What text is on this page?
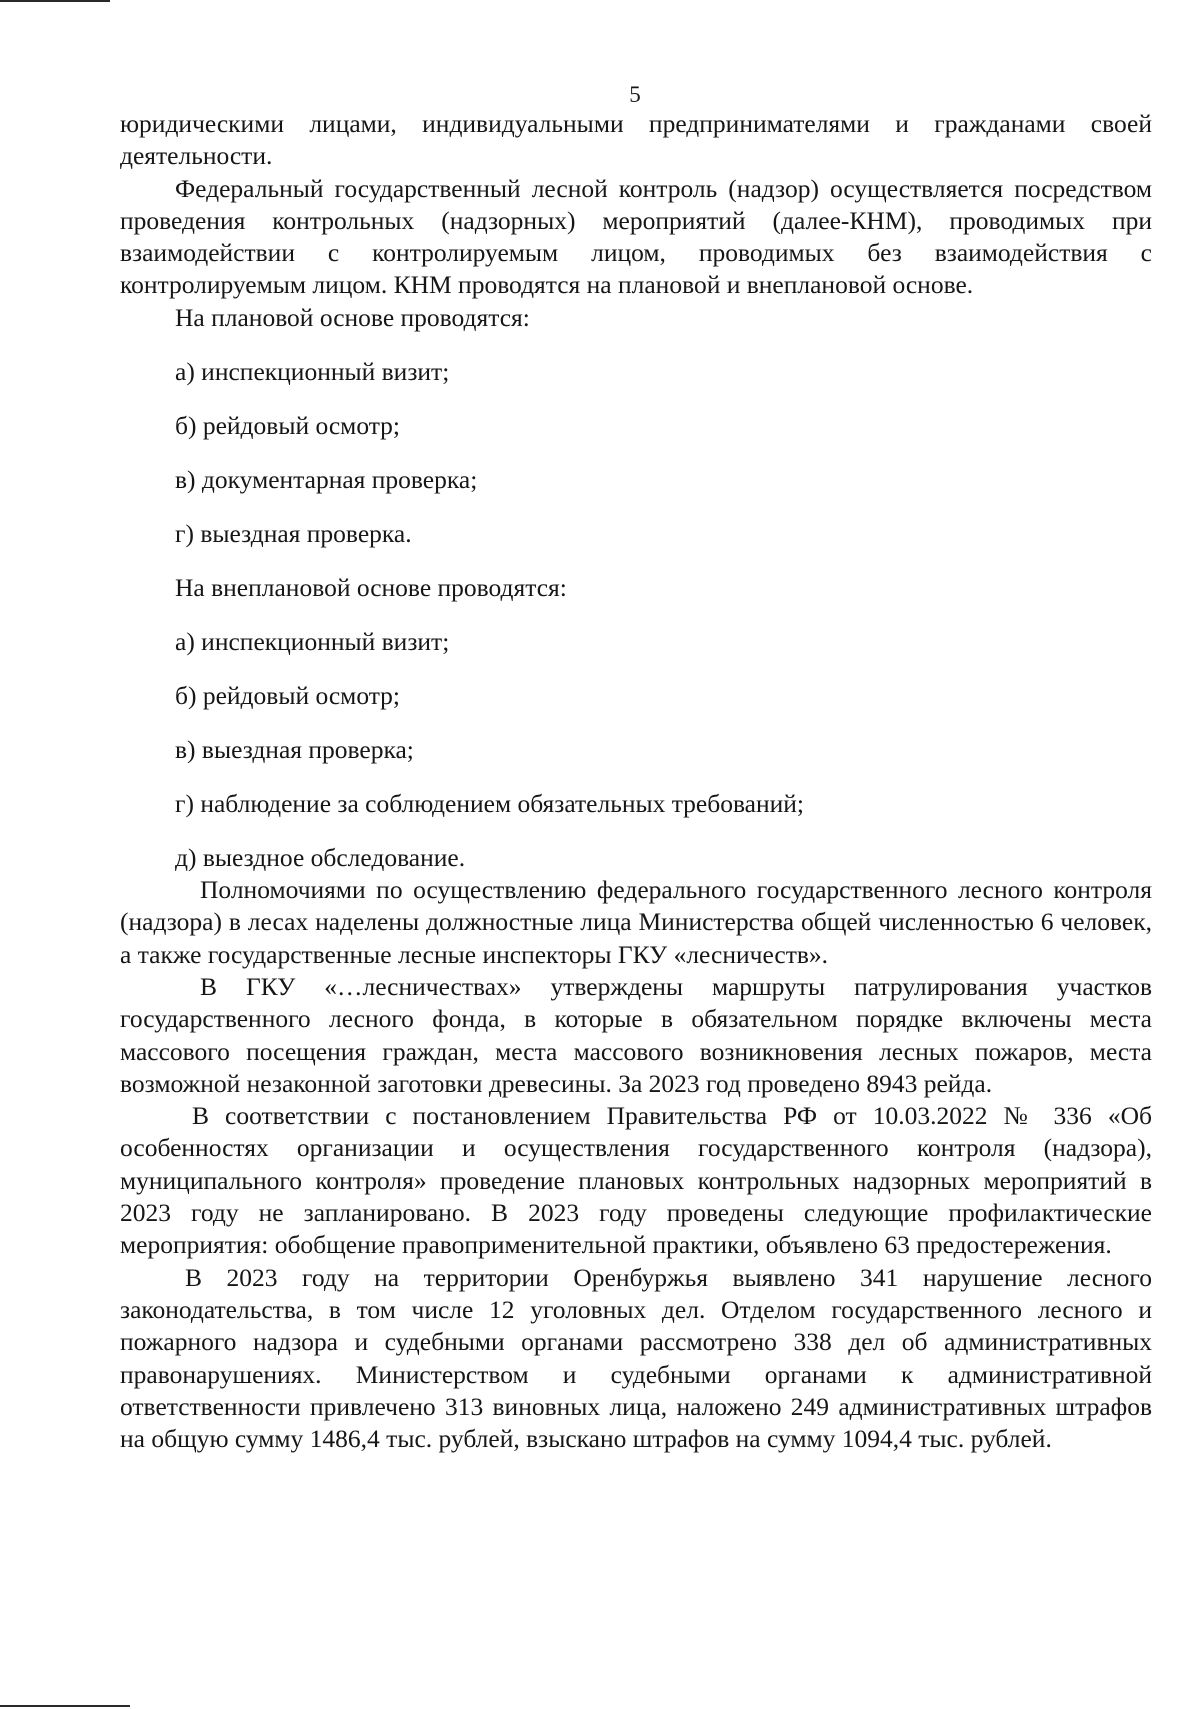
5

юридическими лицами, индивидуальными предпринимателями и гражданами своей деятельности.

Федеральный государственный лесной контроль (надзор) осуществляется посредством проведения контрольных (надзорных) мероприятий (далее-КНМ), проводимых при взаимодействии с контролируемым лицом, проводимых без взаимодействия с контролируемым лицом. КНМ проводятся на плановой и внеплановой основе.

На плановой основе проводятся:

а) инспекционный визит;

б) рейдовый осмотр;

в) документарная проверка;

г) выездная проверка.

На внеплановой основе проводятся:

а) инспекционный визит;

б) рейдовый осмотр;

в) выездная проверка;

г) наблюдение за соблюдением обязательных требований;

д) выездное обследование.

Полномочиями по осуществлению федерального государственного лесного контроля (надзора) в лесах наделены должностные лица Министерства общей численностью 6 человек, а также государственные лесные инспекторы ГКУ «лесничеств».

В ГКУ «…лесничествах» утверждены маршруты патрулирования участков государственного лесного фонда, в которые в обязательном порядке включены места массового посещения граждан, места массового возникновения лесных пожаров, места возможной незаконной заготовки древесины. За 2023 год проведено 8943 рейда.

В соответствии с постановлением Правительства РФ от 10.03.2022 № 336 «Об особенностях организации и осуществления государственного контроля (надзора), муниципального контроля» проведение плановых контрольных надзорных мероприятий в 2023 году не запланировано. В 2023 году проведены следующие профилактические мероприятия: обобщение правоприменительной практики, объявлено 63 предостережения.

В 2023 году на территории Оренбуржья выявлено 341 нарушение лесного законодательства, в том числе 12 уголовных дел. Отделом государственного лесного и пожарного надзора и судебными органами рассмотрено 338 дел об административных правонарушениях. Министерством и судебными органами к административной ответственности привлечено 313 виновных лица, наложено 249 административных штрафов на общую сумму 1486,4 тыс. рублей, взыскано штрафов на сумму 1094,4 тыс. рублей.
